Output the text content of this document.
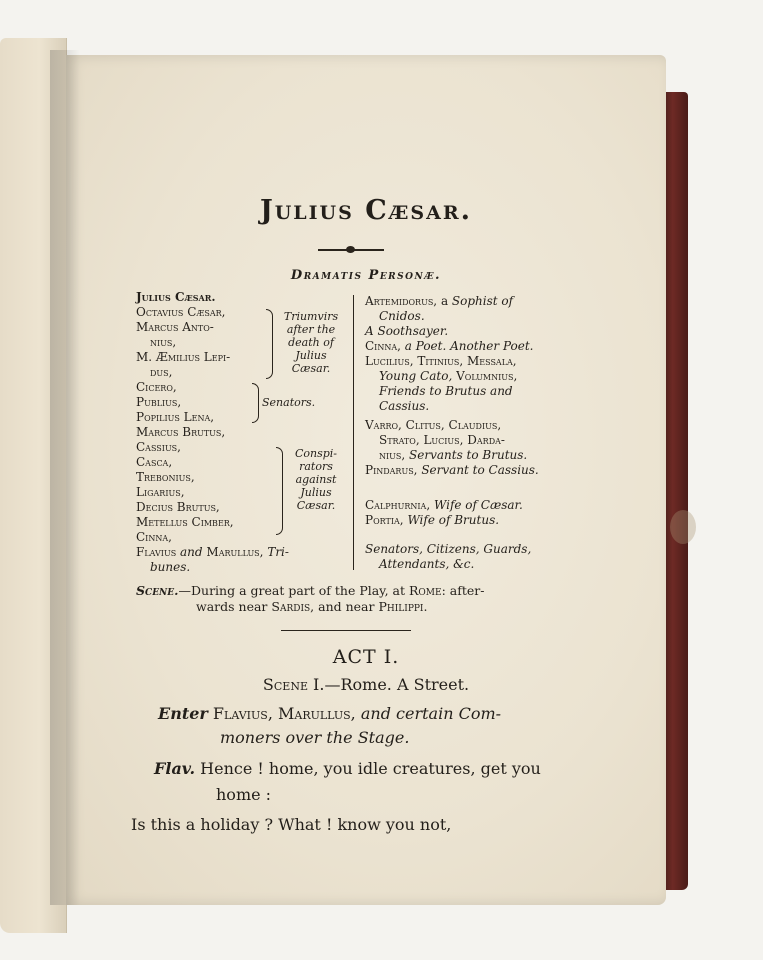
Julius Cæsar.
Dramatis Personæ.
Julius Cæsar.
Octavius Cæsar,
Marcus Anto-
nius,
M. Æmilius Lepi-
dus,
Triumvirs
after the
death of
Julius
Cæsar.
Cicero,
Publius,
Popilius Lena,
Senators.
Marcus Brutus,
Cassius,
Casca,
Trebonius,
Ligarius,
Decius Brutus,
Metellus Cimber,
Cinna,
Conspi-
rators
against
Julius
Cæsar.
Flavius and Marullus, Tri-
bunes.
Artemidorus, a Sophist of
Cnidos.
A Soothsayer.
Cinna, a Poet. Another Poet.
Lucilius, Titinius, Messala,
Young Cato, Volumnius,
Friends to Brutus and
Cassius.
Varro, Clitus, Claudius,
Strato, Lucius, Darda-
nius, Servants to Brutus.
Pindarus, Servant to Cassius.
Calphurnia, Wife of Cæsar.
Portia, Wife of Brutus.
Senators, Citizens, Guards,
Attendants, &c.
Scene.—During a great part of the Play, at Rome: after-
wards near Sardis, and near Philippi.
ACT I.
Scene I.—Rome. A Street.
Enter Flavius, Marullus, and certain Com-
moners over the Stage.
Flav. Hence ! home, you idle creatures, get you
home :
Is this a holiday ? What ! know you not,
